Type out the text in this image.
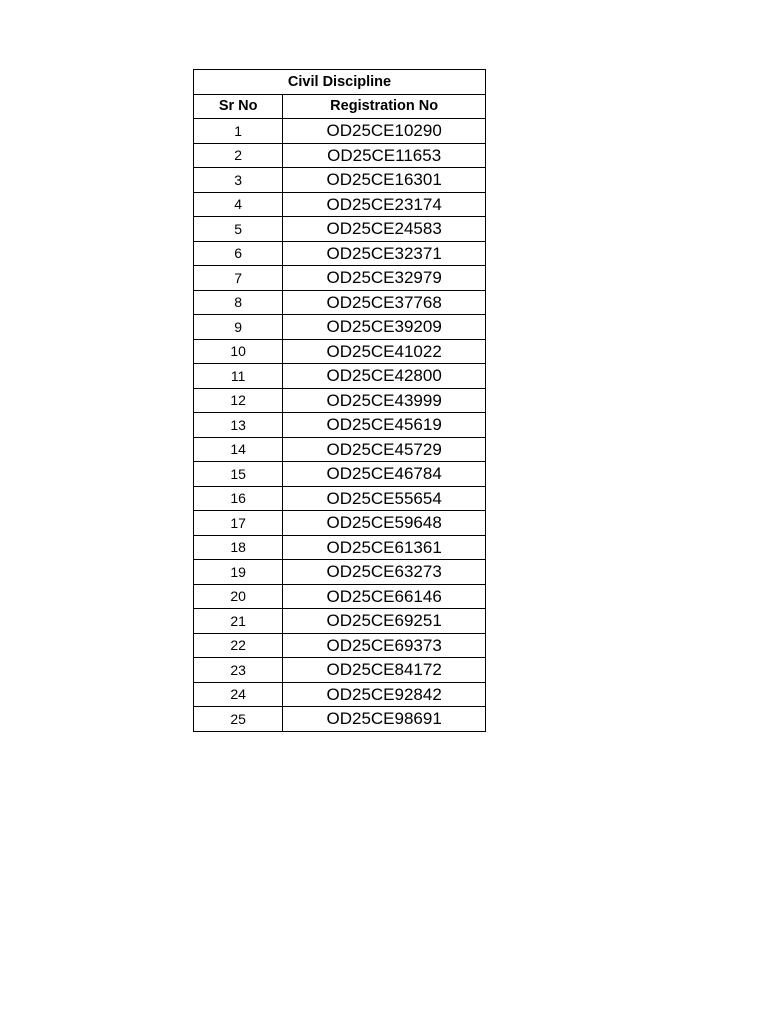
Civil Discipline	
Sr No	Registration No
1	OD25CE10290
2	OD25CE11653
3	OD25CE16301
4	OD25CE23174
5	OD25CE24583
6	OD25CE32371
7	OD25CE32979
8	OD25CE37768
9	OD25CE39209
10	OD25CE41022
11	OD25CE42800
12	OD25CE43999
13	OD25CE45619
14	OD25CE45729
15	OD25CE46784
16	OD25CE55654
17	OD25CE59648
18	OD25CE61361
19	OD25CE63273
20	OD25CE66146
21	OD25CE69251
22	OD25CE69373
23	OD25CE84172
24	OD25CE92842
25	OD25CE98691
